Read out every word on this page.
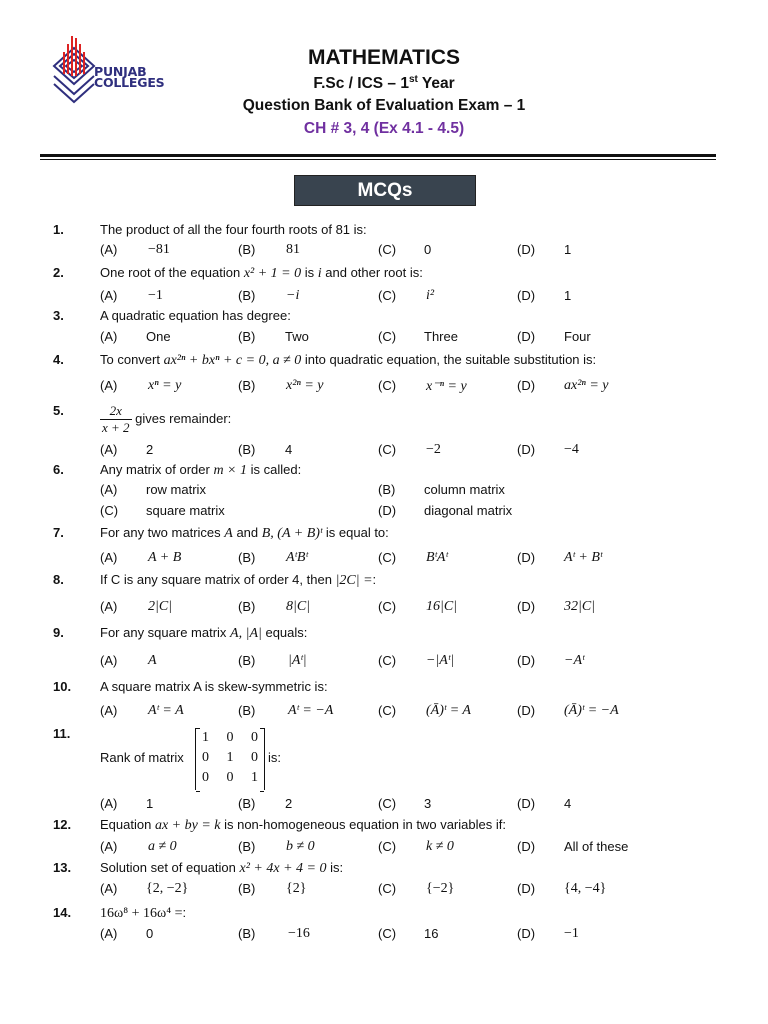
PUNJAB COLLEGES
MATHEMATICS
F.Sc / ICS – 1st Year
Question Bank of Evaluation Exam – 1
CH # 3, 4 (Ex 4.1 - 4.5)
MCQs
1.	The product of all the four fourth roots of 81 is:
(A) −81	(B) 81	(C) 0	(D) 1
2.	One root of the equation x² + 1 = 0 is i and other root is:
(A) −1	(B) −i	(C) i²	(D) 1
3.	A quadratic equation has degree:
(A) One	(B) Two	(C) Three	(D) Four
4.	To convert ax²ⁿ + bxⁿ + c = 0, a ≠ 0 into quadratic equation, the suitable substitution is:
(A) xⁿ = y	(B) x²ⁿ = y	(C) x⁻ⁿ = y	(D) ax²ⁿ = y
5.	$\frac{2x}{x + 2}$ gives remainder:
(A) 2	(B) 4	(C) −2	(D) −4
6.	Any matrix of order m × 1 is called:
(A) row matrix	(B) column matrix
(C) square matrix	(D) diagonal matrix
7.	For any two matrices A and B, (A + B)ᵗ is equal to:
(A) A + B	(B) AᵗBᵗ	(C) BᵗAᵗ	(D) Aᵗ + Bᵗ
8.	If C is any square matrix of order 4, then |2C| =:
(A) 2|C|	(B) 8|C|	(C) 16|C|	(D) 32|C|
9.	For any square matrix A, |A| equals:
(A) A	(B) |Aᵗ|	(C) −|Aᵗ|	(D) −Aᵗ
10. A square matrix A is skew-symmetric is:
(A) Aᵗ = A	(B) Aᵗ = −A	(C) (Ā)ᵗ = A	(D) (Ā)ᵗ = −A
11.
Rank of matrix	is:
1 0 0
0 1 0
0 0 1
(A) 1	(B) 2	(C) 3	(D) 4
12. Equation ax + by = k is non-homogeneous equation in two variables if:
(A) a ≠ 0	(B) b ≠ 0	(C) k ≠ 0	(D) All of these
13. Solution set of equation x² + 4x + 4 = 0 is:
(A) {2, −2}	(B) {2}	(C) {−2}	(D) {4, −4}
14. 16ω⁸ + 16ω⁴ =:
(A) 0	(B) −16	(C) 16	(D) −1
